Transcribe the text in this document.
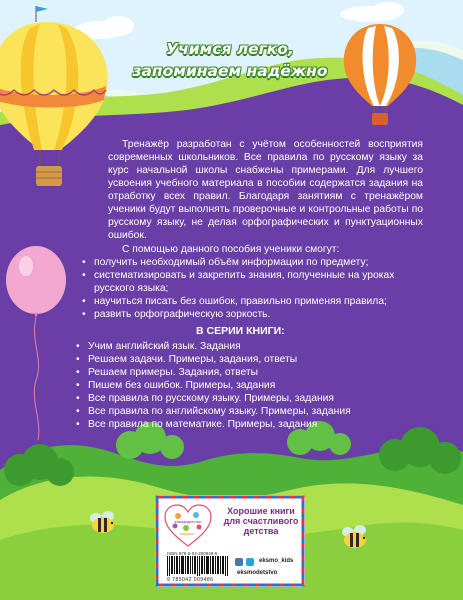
Учимся легко,
запоминаем надёжно
Тренажёр разработан с учётом особенностей восприятия современных школьников. Все правила по русскому языку за курс начальной школы снабжены примерами. Для лучшего усвоения учебного материала в пособии содержатся задания на отработку всех правил. Благодаря занятиям с тренажёром ученики будут выполнять проверочные и контрольные работы по русскому языку, не делая орфографических и пунктуационных ошибок.
С помощью данного пособия ученики смогут:
• получить необходимый объём информации по предмету;
• систематизировать и закрепить знания, полученные на уроках русского языка;
• научиться писать без ошибок, правильно применяя правила;
• развить орфографическую зоркость.
В СЕРИИ КНИГИ:
• Учим английский язык. Задания
• Решаем задачи. Примеры, задания, ответы
• Решаем примеры. Задания, ответы
• Пишем без ошибок. Примеры, задания
• Все правила по русскому языку. Примеры, задания
• Все правила по английскому языку. Примеры, задания
• Все правила по математике. Примеры, задания
#эксмодетство
Хорошие книги для счастливого детства
ISBN 978-5-04-200948-6
9 785042 009486
eksmo_kids
eksmodetstvo
